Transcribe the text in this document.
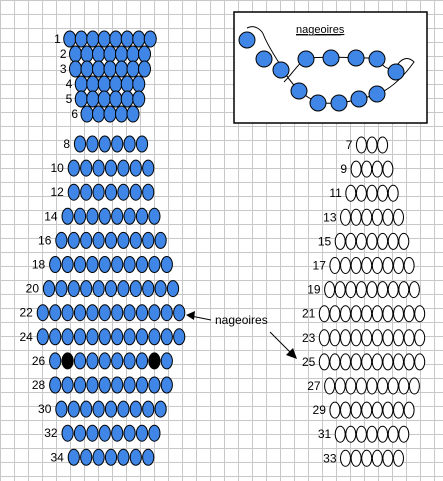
1
2
3
4
5
6
8
10
12
14
16
18
20
22
24
26
28
30
32
34
7
9
11
13
15
17
19
21
23
25
27
29
31
33
nageoires
nageoires
